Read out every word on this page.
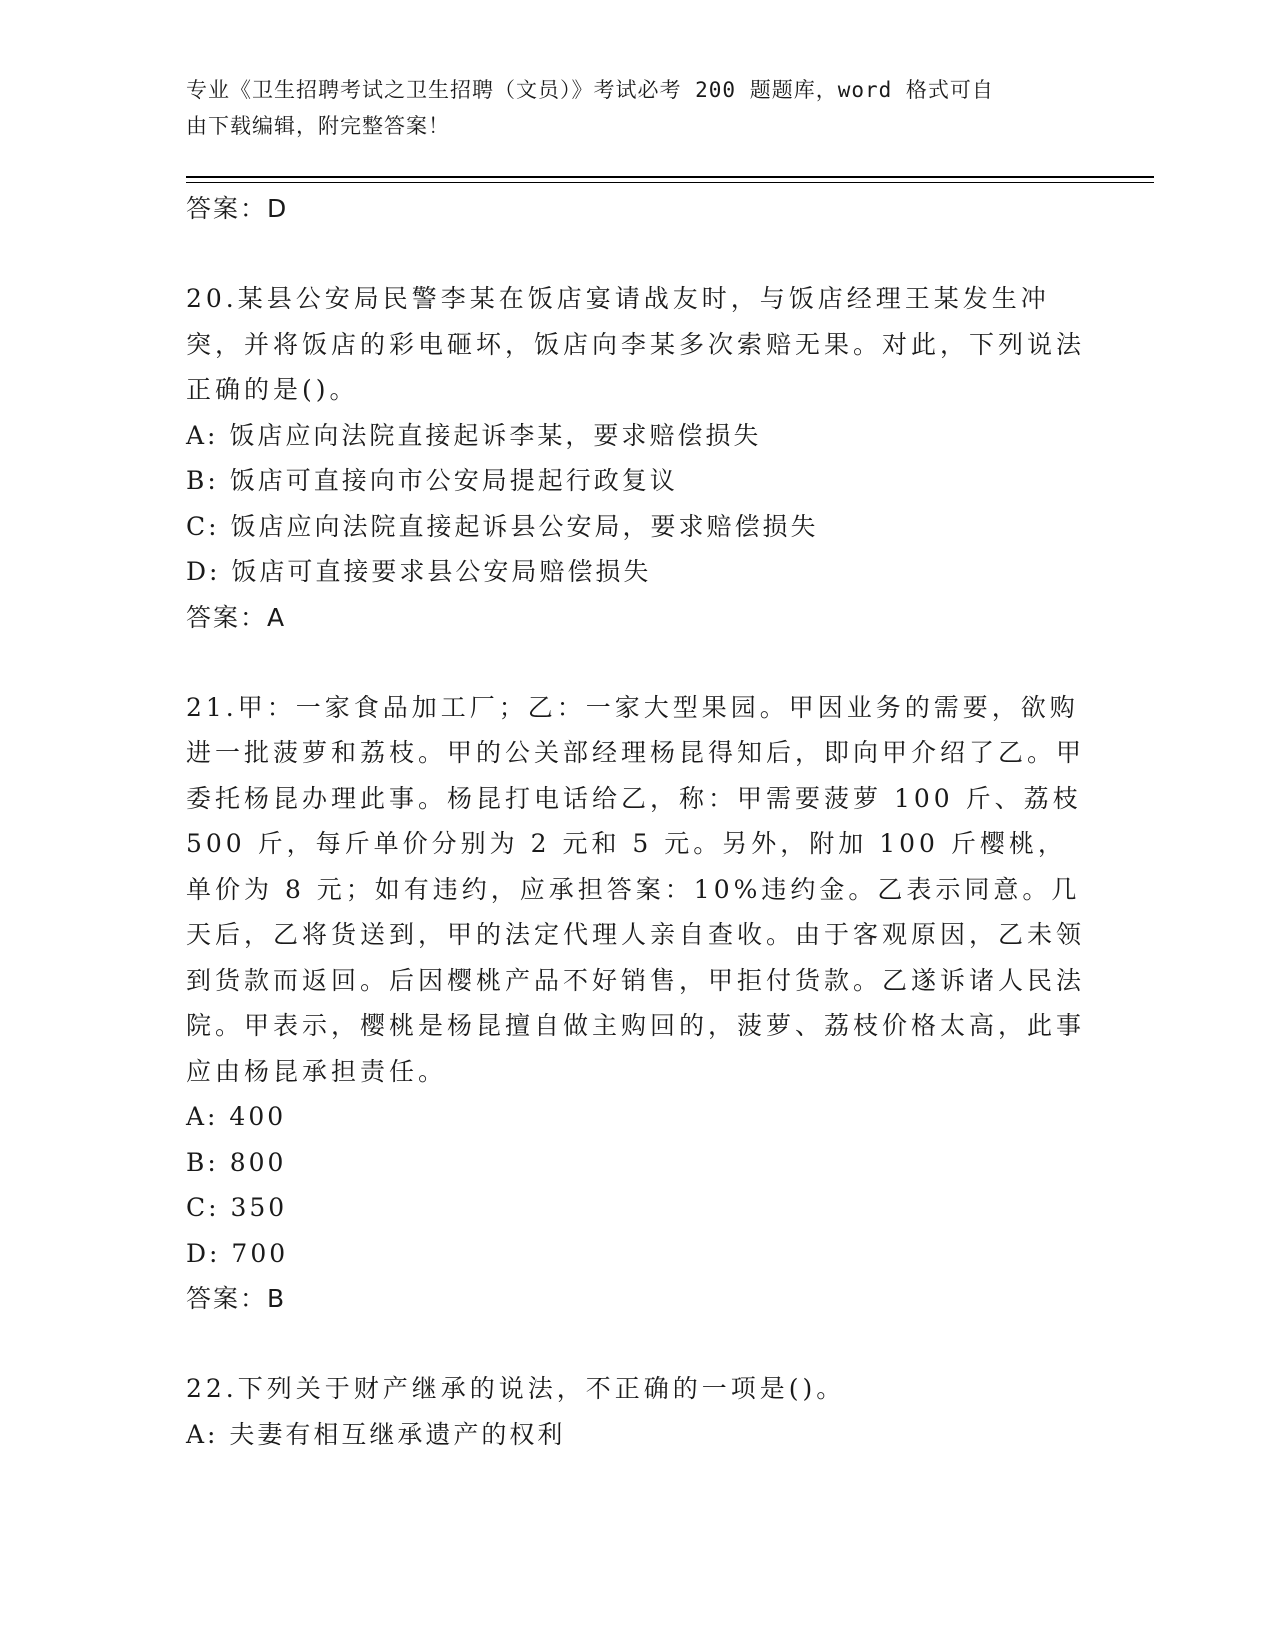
专业《卫生招聘考试之卫生招聘（文员）》考试必考 200 题题库，word 格式可自
由下载编辑，附完整答案！
答案：D
20.某县公安局民警李某在饭店宴请战友时，与饭店经理王某发生冲突，并将饭店的彩电砸坏，饭店向李某多次索赔无果。对此，下列说法正确的是()。
A: 饭店应向法院直接起诉李某，要求赔偿损失
B: 饭店可直接向市公安局提起行政复议
C: 饭店应向法院直接起诉县公安局，要求赔偿损失
D: 饭店可直接要求县公安局赔偿损失
答案：A
21.甲：一家食品加工厂；乙：一家大型果园。甲因业务的需要，欲购进一批菠萝和荔枝。甲的公关部经理杨昆得知后，即向甲介绍了乙。甲委托杨昆办理此事。杨昆打电话给乙，称：甲需要菠萝 100 斤、荔枝 500 斤，每斤单价分别为 2 元和 5 元。另外，附加 100 斤樱桃，单价为 8 元；如有违约，应承担答案：10%违约金。乙表示同意。几天后，乙将货送到，甲的法定代理人亲自查收。由于客观原因，乙未领到货款而返回。后因樱桃产品不好销售，甲拒付货款。乙遂诉诸人民法院。甲表示，樱桃是杨昆擅自做主购回的，菠萝、荔枝价格太高，此事应由杨昆承担责任。
A: 400
B: 800
C: 350
D: 700
答案：B
22.下列关于财产继承的说法，不正确的一项是()。
A: 夫妻有相互继承遗产的权利
